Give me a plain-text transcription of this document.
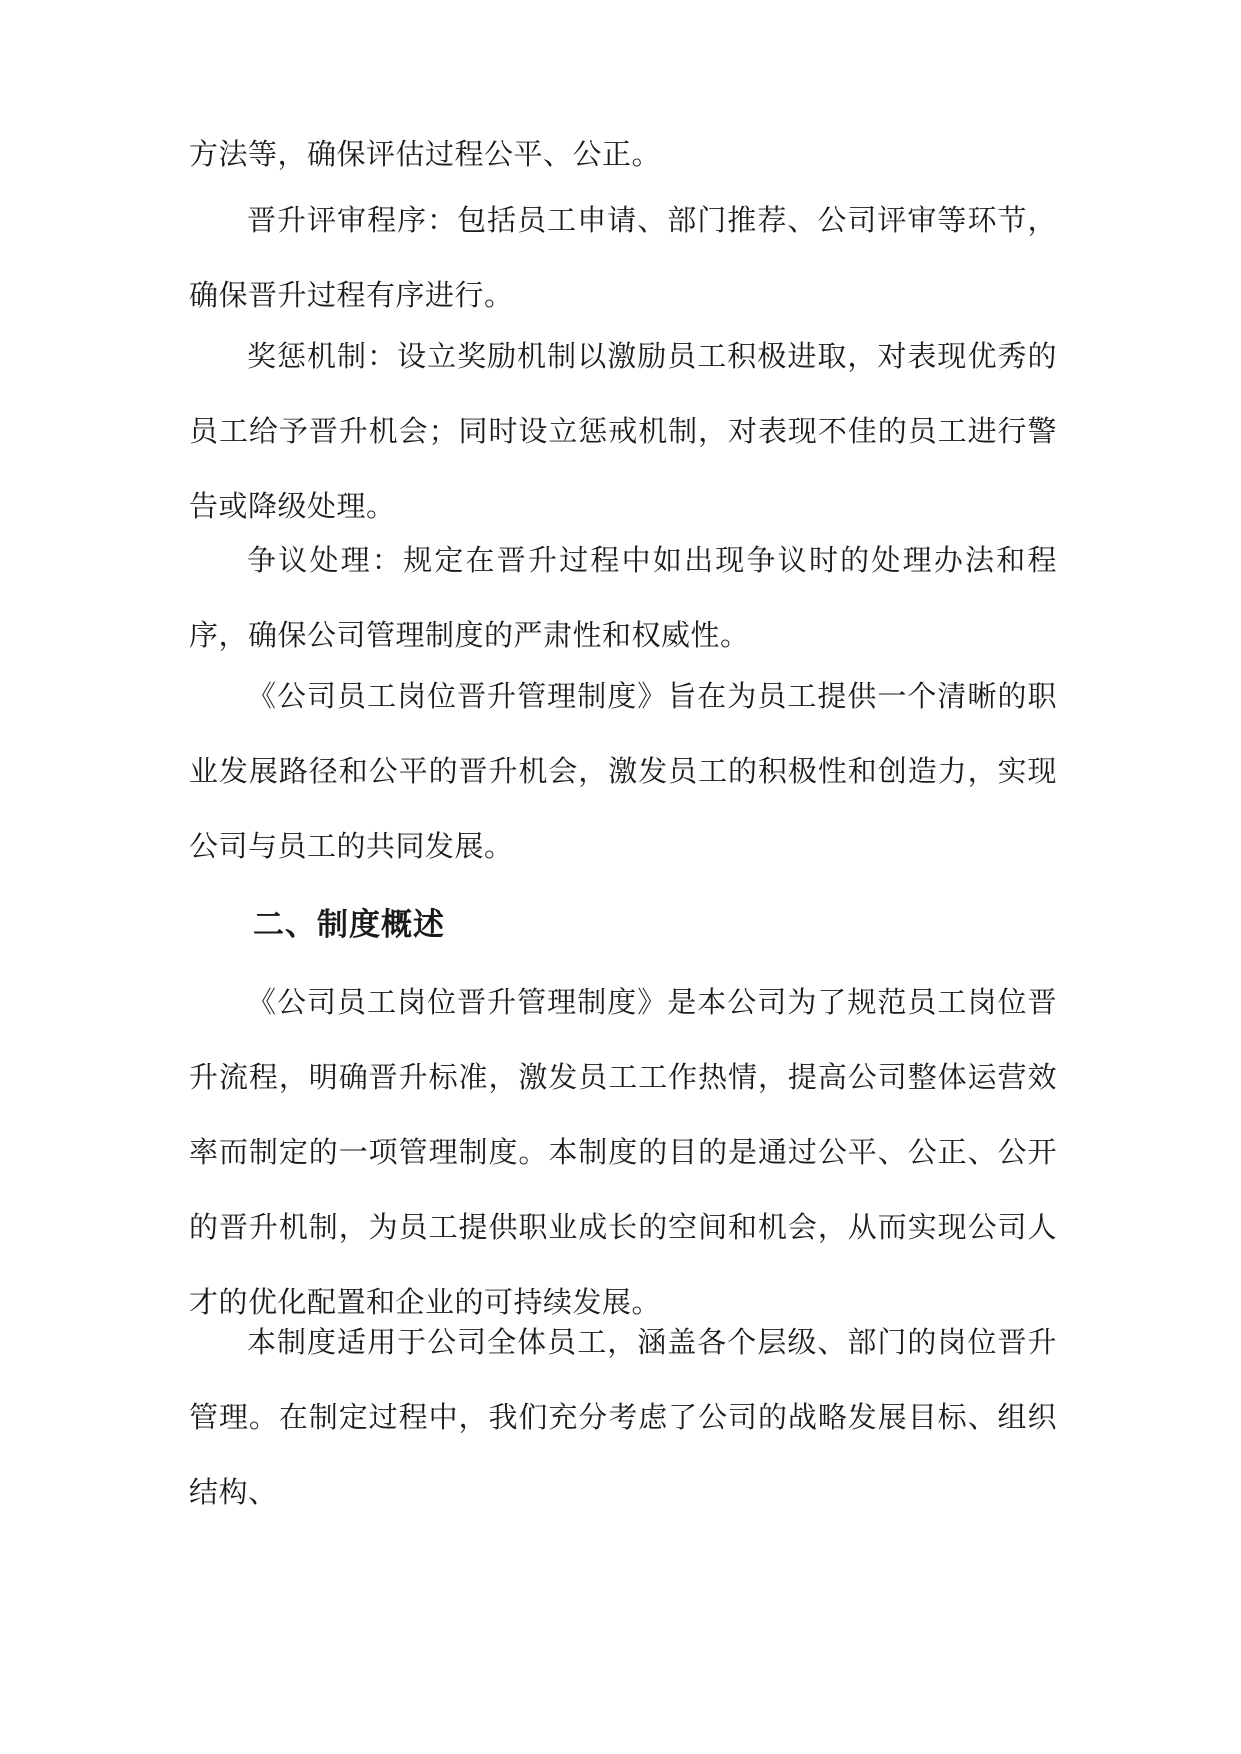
方法等，确保评估过程公平、公正。

晋升评审程序：包括员工申请、部门推荐、公司评审等环节，确保晋升过程有序进行。

奖惩机制：设立奖励机制以激励员工积极进取，对表现优秀的员工给予晋升机会；同时设立惩戒机制，对表现不佳的员工进行警告或降级处理。

争议处理：规定在晋升过程中如出现争议时的处理办法和程序，确保公司管理制度的严肃性和权威性。

《公司员工岗位晋升管理制度》旨在为员工提供一个清晰的职业发展路径和公平的晋升机会，激发员工的积极性和创造力，实现公司与员工的共同发展。

二、制度概述

《公司员工岗位晋升管理制度》是本公司为了规范员工岗位晋升流程，明确晋升标准，激发员工工作热情，提高公司整体运营效率而制定的一项管理制度。本制度的目的是通过公平、公正、公开的晋升机制，为员工提供职业成长的空间和机会，从而实现公司人才的优化配置和企业的可持续发展。

本制度适用于公司全体员工，涵盖各个层级、部门的岗位晋升管理。在制定过程中，我们充分考虑了公司的战略发展目标、组织结构、
